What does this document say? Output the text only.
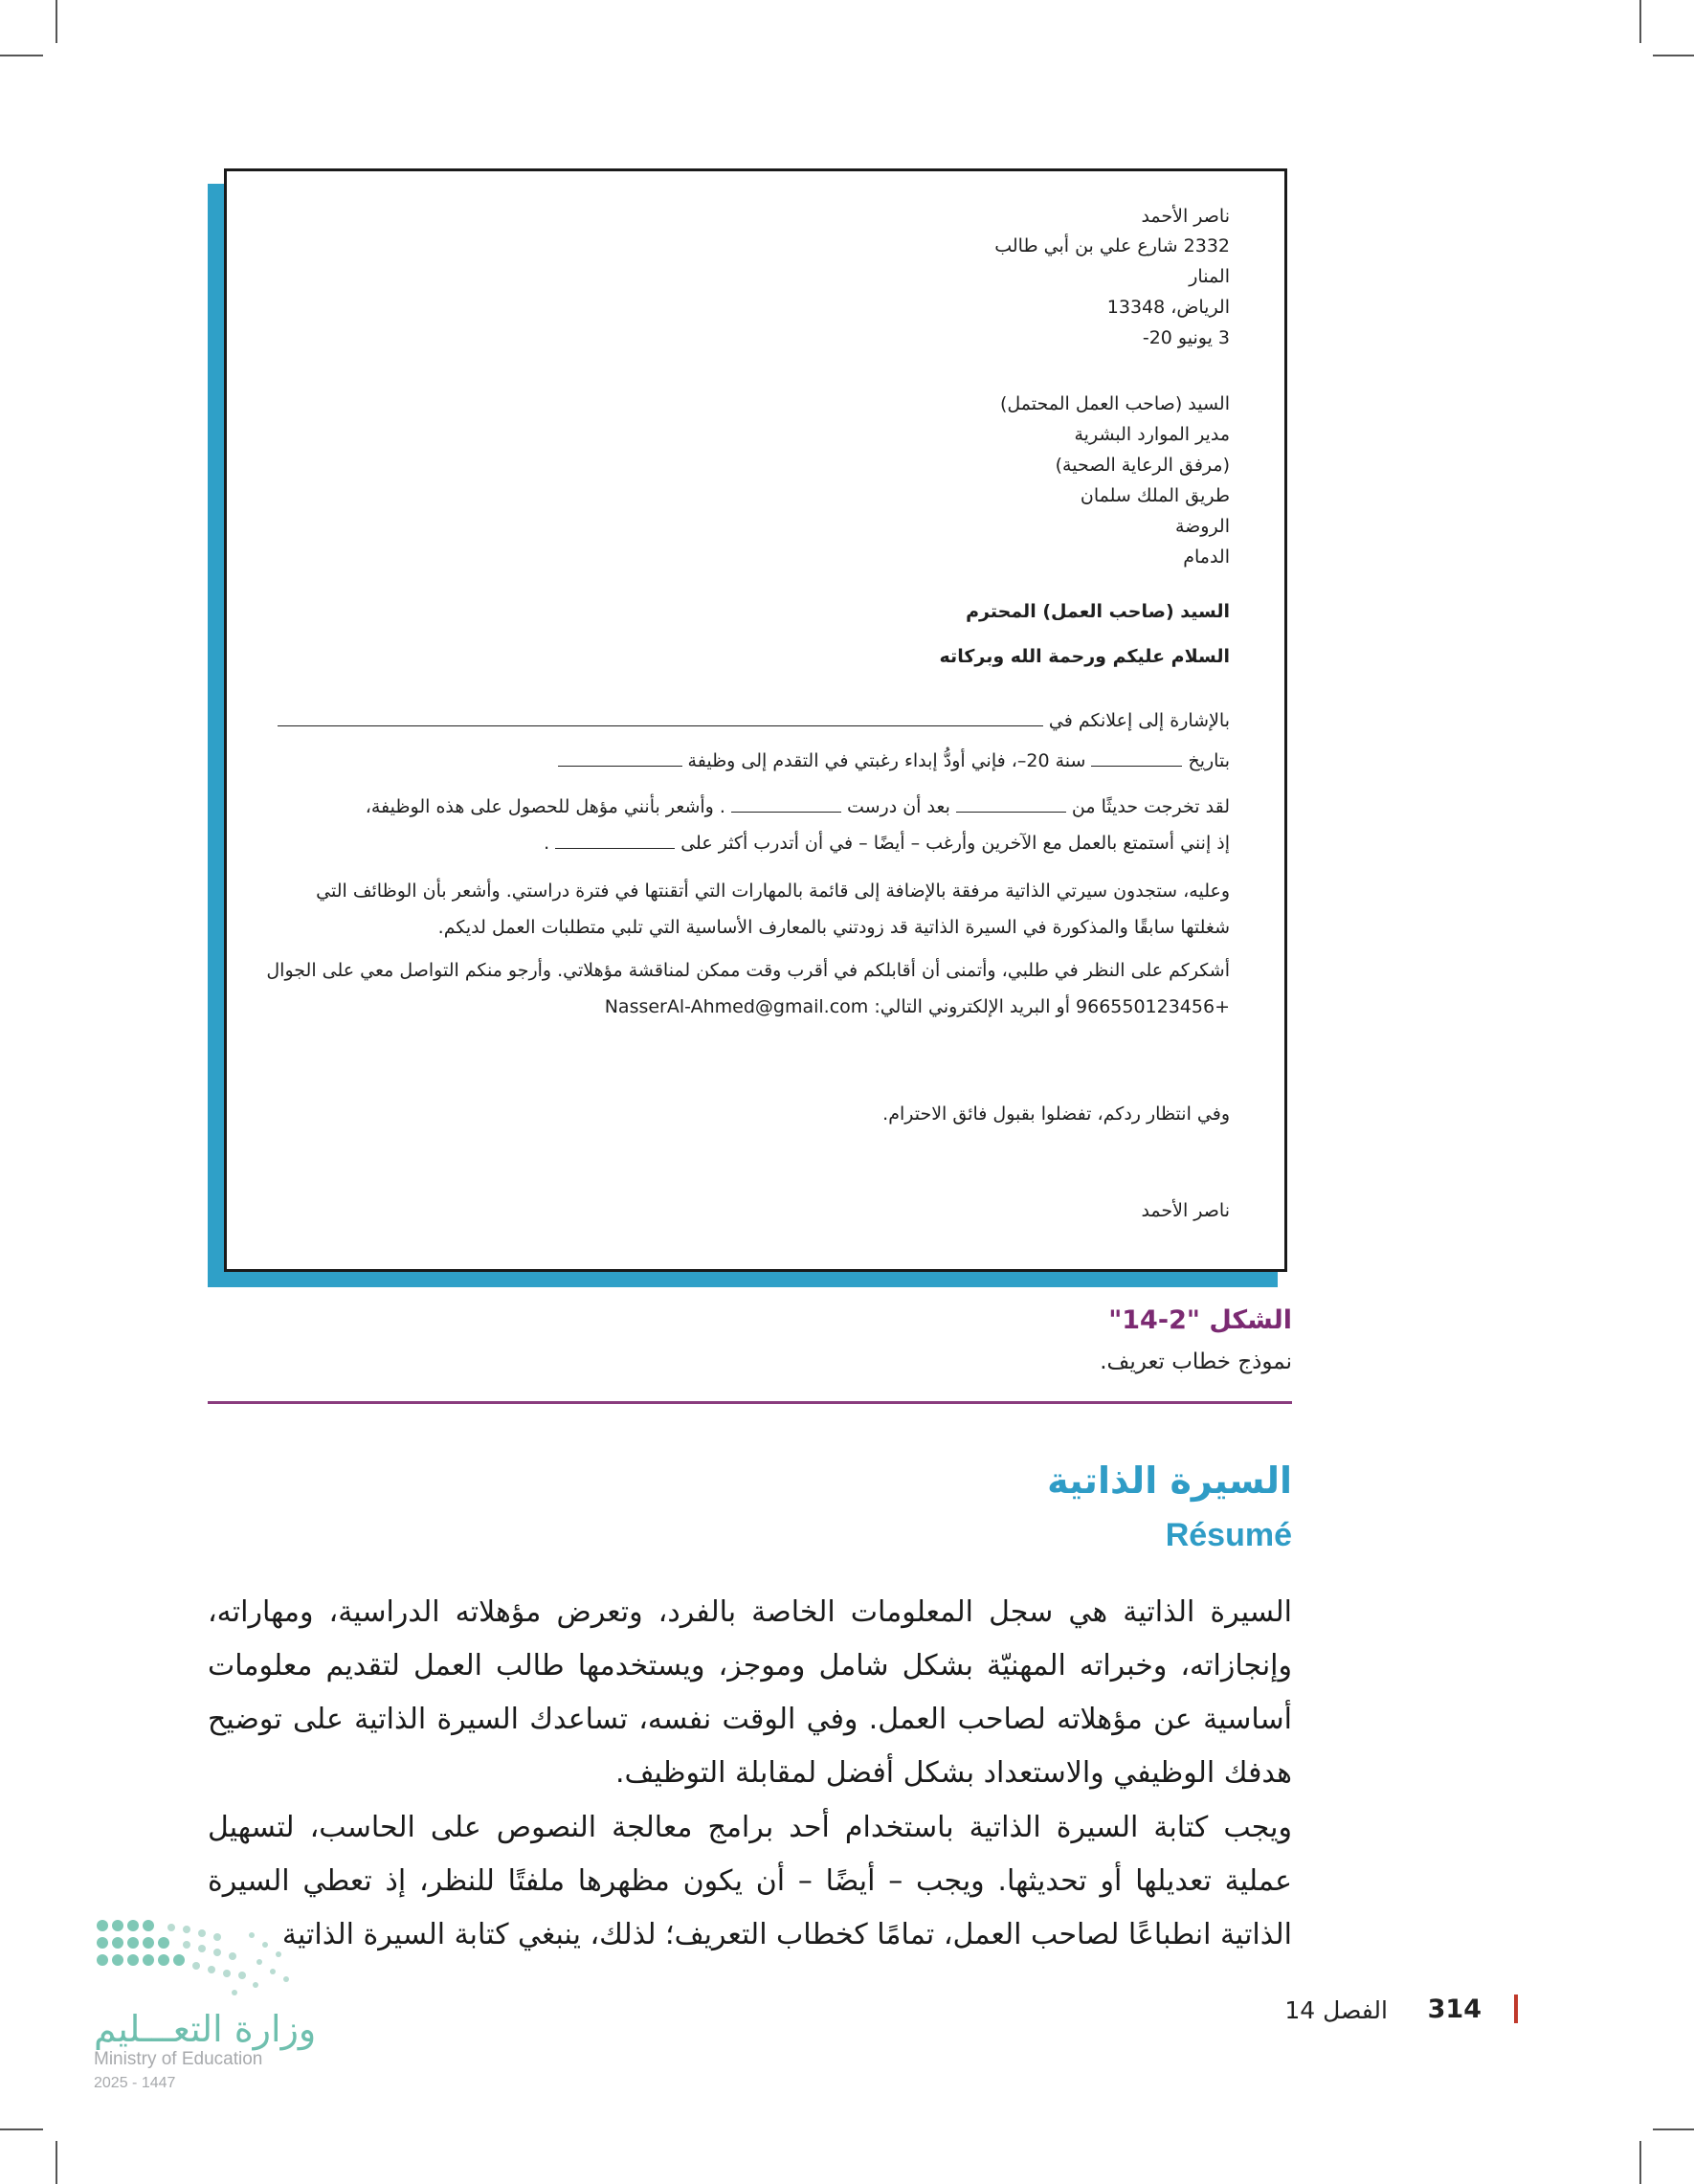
ناصر الأحمد
2332 شارع علي بن أبي طالب
المنار
الرياض، 13348
3 يونيو 20-
السيد (صاحب العمل المحتمل)
مدير الموارد البشرية
(مرفق الرعاية الصحية)
طريق الملك سلمان
الروضة
الدمام
السيد (صاحب العمل) المحترم
السلام عليكم ورحمة الله وبركاته
بالإشارة إلى إعلانكم في
بتاريخسنة 20–، فإني أودُّ إبداء رغبتي في التقدم إلى وظيفة
لقد تخرجت حديثًا منبعد أن درست. وأشعر بأنني مؤهل للحصول على هذه الوظيفة،
إذ إنني أستمتع بالعمل مع الآخرين وأرغب – أيضًا – في أن أتدرب أكثر على.
وعليه، ستجدون سيرتي الذاتية مرفقة بالإضافة إلى قائمة بالمهارات التي أتقنتها في فترة دراستي. وأشعر بأن الوظائف التي
شغلتها سابقًا والمذكورة في السيرة الذاتية قد زودتني بالمعارف الأساسية التي تلبي متطلبات العمل لديكم.
أشكركم على النظر في طلبي، وأتمنى أن أقابلكم في أقرب وقت ممكن لمناقشة مؤهلاتي. وأرجو منكم التواصل معي على الجوال
+966550123456 أو البريد الإلكتروني التالي: NasserAl-Ahmed@gmail.com
وفي انتظار ردكم، تفضلوا بقبول فائق الاحترام.
ناصر الأحمد
الشكل "2-14"
نموذج خطاب تعريف.
السيرة الذاتية
Résumé
السيرة الذاتية هي سجل المعلومات الخاصة بالفرد، وتعرض مؤهلاته الدراسية، ومهاراته، وإنجازاته، وخبراته المهنيّة بشكل شامل وموجز، ويستخدمها طالب العمل لتقديم معلومات أساسية عن مؤهلاته لصاحب العمل. وفي الوقت نفسه، تساعدك السيرة الذاتية على توضيح هدفك الوظيفي والاستعداد بشكل أفضل لمقابلة التوظيف.
ويجب كتابة السيرة الذاتية باستخدام أحد برامج معالجة النصوص على الحاسب، لتسهيل عملية تعديلها أو تحديثها. ويجب – أيضًا – أن يكون مظهرها ملفتًا للنظر، إذ تعطي السيرة الذاتية انطباعًا لصاحب العمل، تمامًا كخطاب التعريف؛ لذلك، ينبغي كتابة السيرة الذاتية
وزارة التعـــليم
Ministry of Education
2025 - 1447
314
الفصل 14
